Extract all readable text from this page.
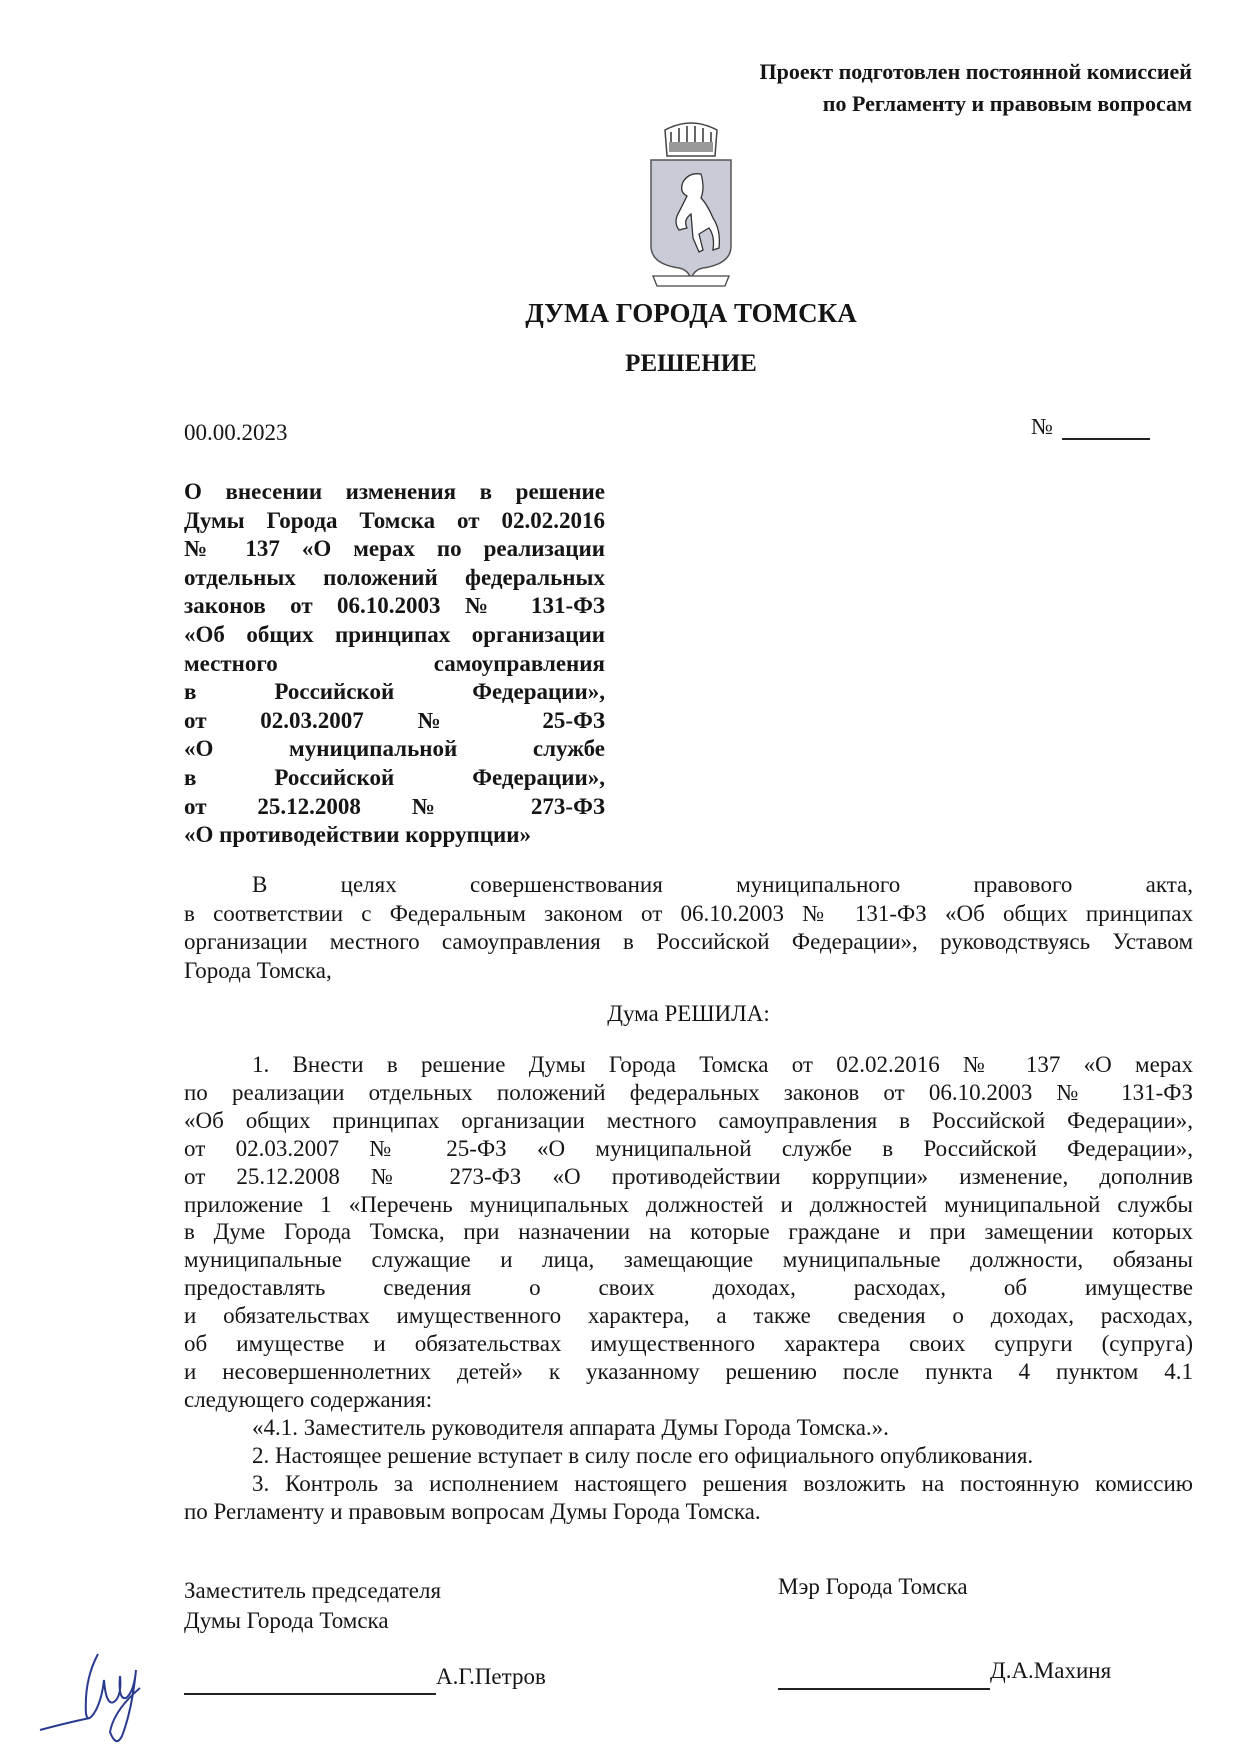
Проект подготовлен постоянной комиссией
по Регламенту и правовым вопросам
ДУМА ГОРОДА ТОМСКА
РЕШЕНИЕ
00.00.2023	№
О внесении изменения в решение
Думы Города Томска от 02.02.2016
№ 137 «О мерах по реализации
отдельных положений федеральных
законов от 06.10.2003 № 131-ФЗ
«Об общих принципах организации
местного самоуправления
в Российской Федерации»,
от 02.03.2007 № 25-ФЗ
«О муниципальной службе
в Российской Федерации»,
от 25.12.2008 № 273-ФЗ
«О противодействии коррупции»
В целях совершенствования муниципального правового акта,
в соответствии с Федеральным законом от 06.10.2003 № 131-ФЗ «Об общих принципах
организации местного самоуправления в Российской Федерации», руководствуясь Уставом
Города Томска,
Дума РЕШИЛА:
1. Внести в решение Думы Города Томска от 02.02.2016 № 137 «О мерах
по реализации отдельных положений федеральных законов от 06.10.2003 № 131-ФЗ
«Об общих принципах организации местного самоуправления в Российской Федерации»,
от 02.03.2007 № 25-ФЗ «О муниципальной службе в Российской Федерации»,
от 25.12.2008 № 273-ФЗ «О противодействии коррупции» изменение, дополнив
приложение 1 «Перечень муниципальных должностей и должностей муниципальной службы
в Думе Города Томска, при назначении на которые граждане и при замещении которых
муниципальные служащие и лица, замещающие муниципальные должности, обязаны
предоставлять сведения о своих доходах, расходах, об имуществе
и обязательствах имущественного характера, а также сведения о доходах, расходах,
об имуществе и обязательствах имущественного характера своих супруги (супруга)
и несовершеннолетних детей» к указанному решению после пункта 4 пунктом 4.1
следующего содержания:
«4.1. Заместитель руководителя аппарата Думы Города Томска.».
2. Настоящее решение вступает в силу после его официального опубликования.
3. Контроль за исполнением настоящего решения возложить на постоянную комиссию
по Регламенту и правовым вопросам Думы Города Томска.
Заместитель председателя
Думы Города Томска
Мэр Города Томска
А.Г.Петров	Д.А.Махиня
